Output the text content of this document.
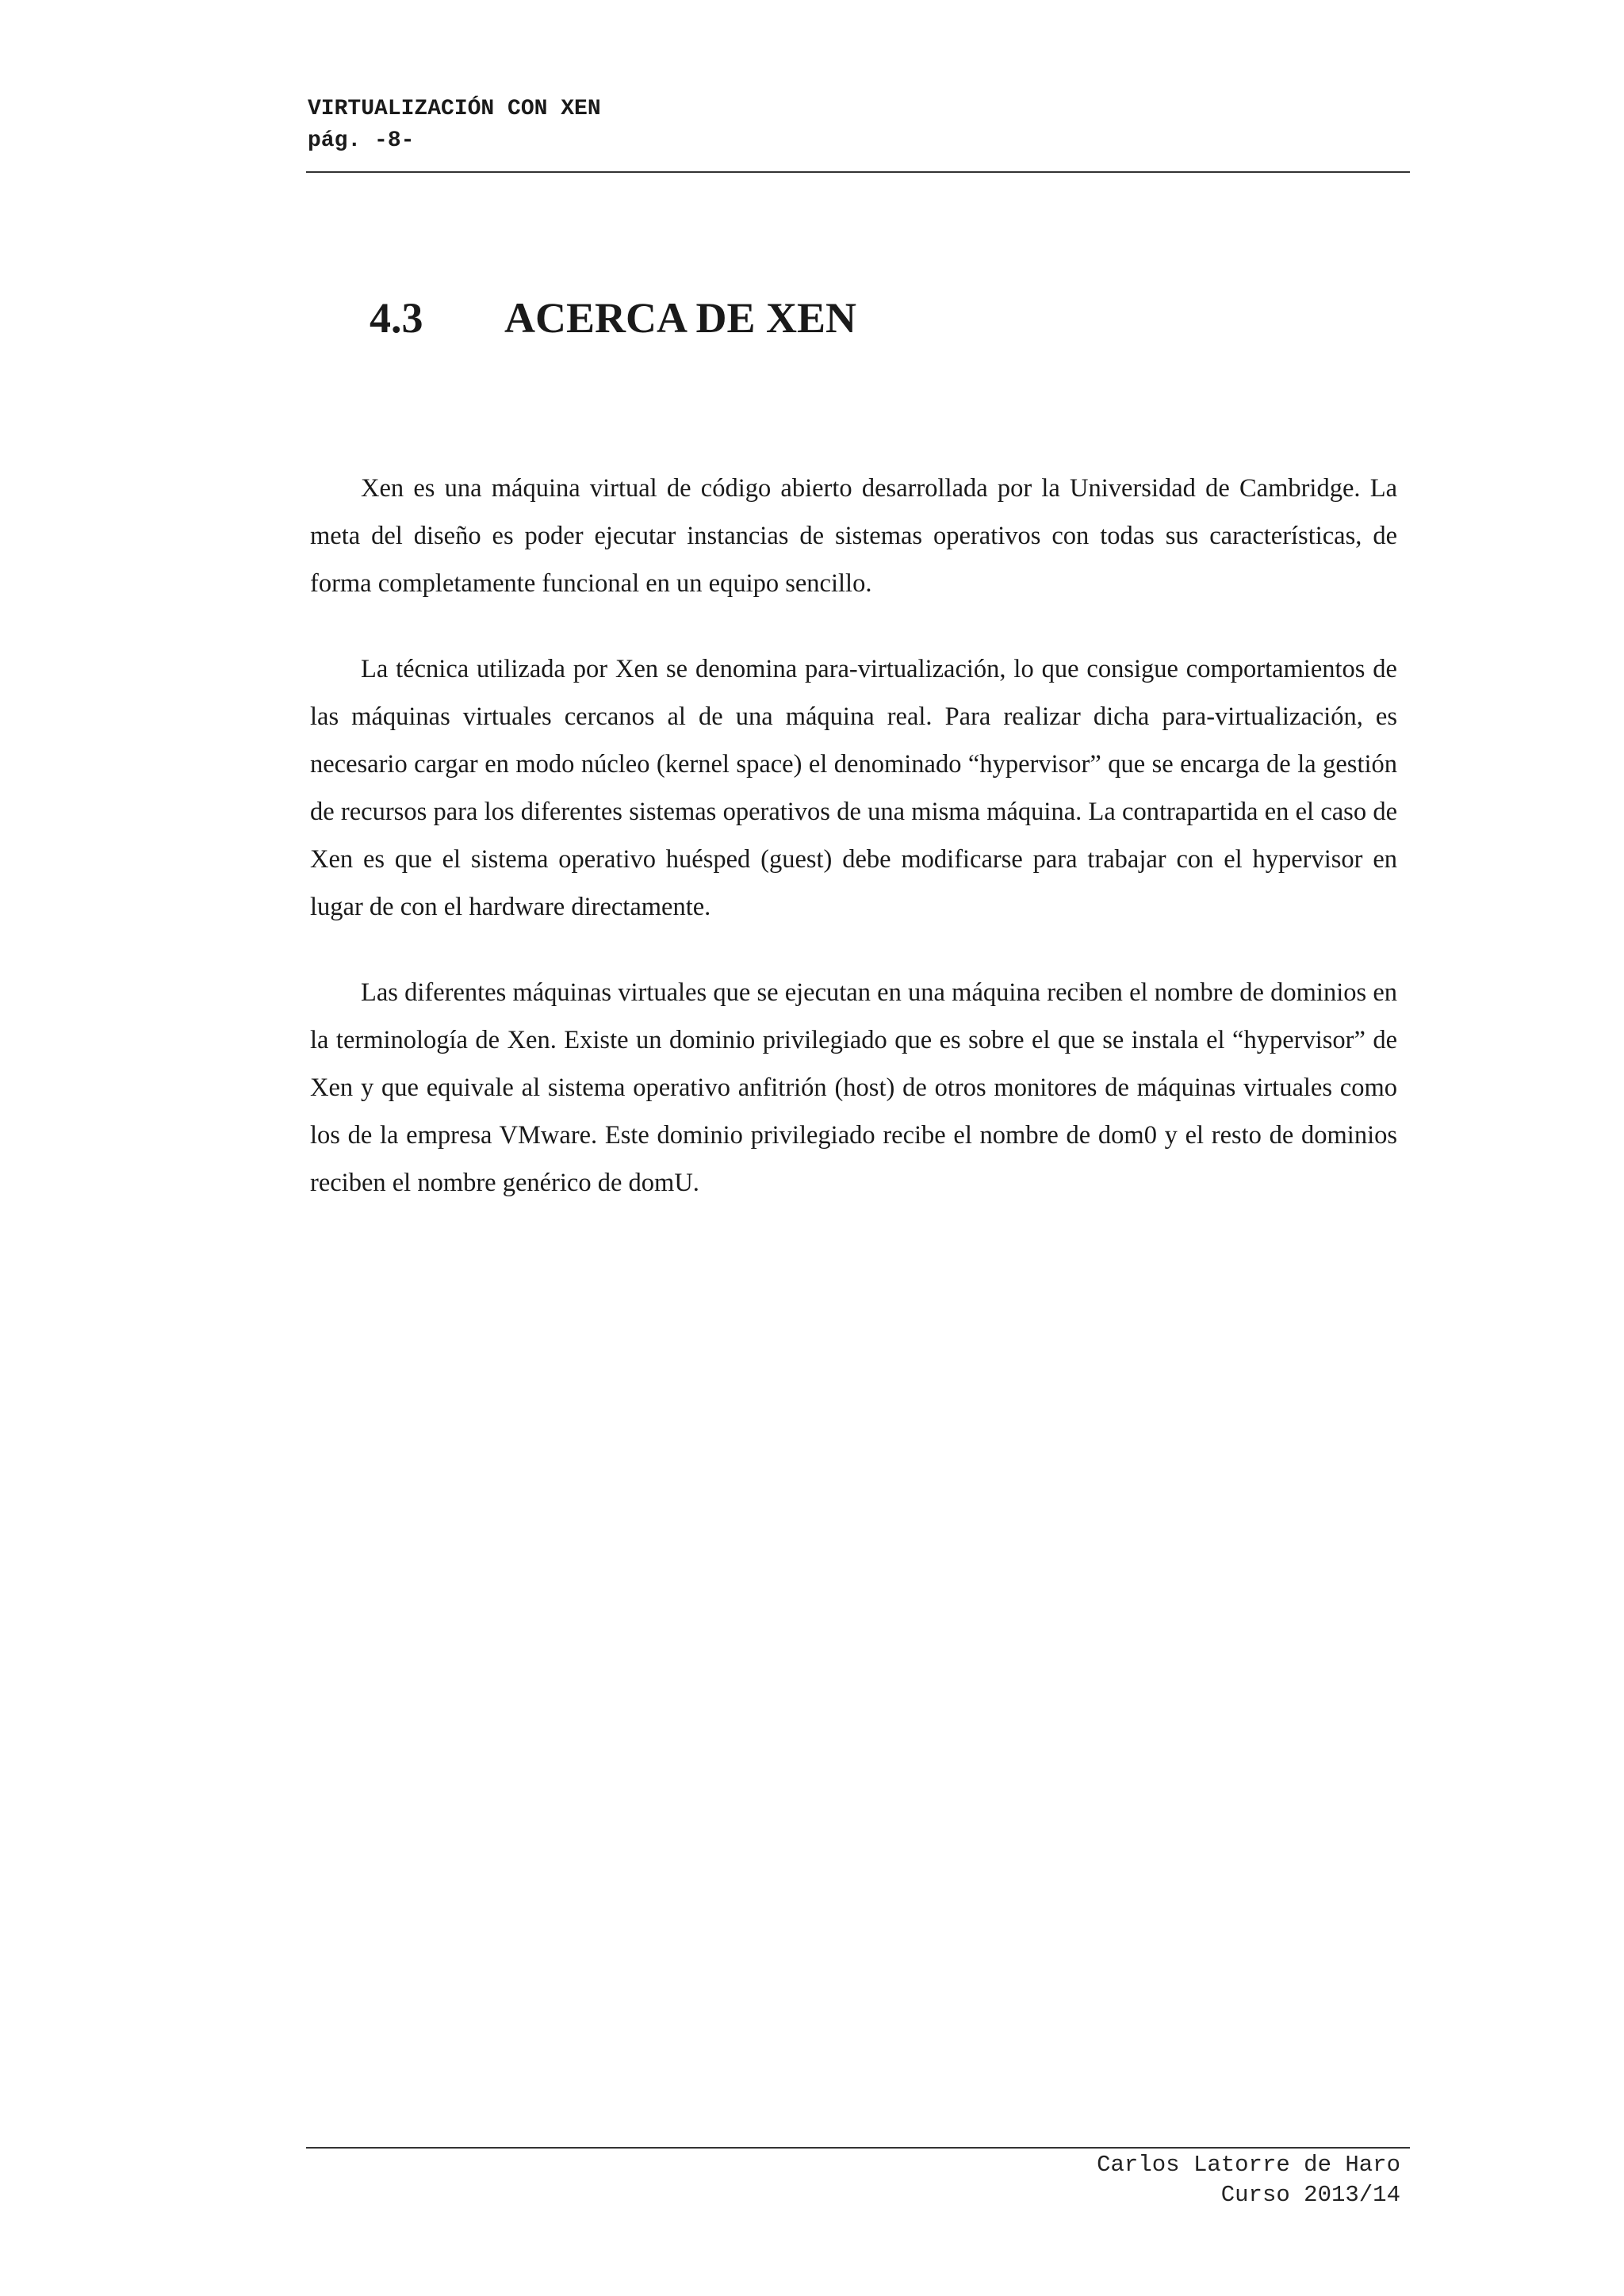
VIRTUALIZACIÓN CON XEN
pág. -8-
4.3 ACERCA DE XEN

Xen es una máquina virtual de código abierto desarrollada por la Universidad de Cambridge. La meta del diseño es poder ejecutar instancias de sistemas operativos con todas sus características, de forma completamente funcional en un equipo sencillo.

La técnica utilizada por Xen se denomina para-virtualización, lo que consigue comportamientos de las máquinas virtuales cercanos al de una máquina real. Para realizar dicha para-virtualización, es necesario cargar en modo núcleo (kernel space) el denominado “hypervisor” que se encarga de la gestión de recursos para los diferentes sistemas operativos de una misma máquina. La contrapartida en el caso de Xen es que el sistema operativo huésped (guest) debe modificarse para trabajar con el hypervisor en lugar de con el hardware directamente.

Las diferentes máquinas virtuales que se ejecutan en una máquina reciben el nombre de dominios en la terminología de Xen. Existe un dominio privilegiado que es sobre el que se instala el “hypervisor” de Xen y que equivale al sistema operativo anfitrión (host) de otros monitores de máquinas virtuales como los de la empresa VMware. Este dominio privilegiado recibe el nombre de dom0 y el resto de dominios reciben el nombre genérico de domU.

Carlos Latorre de Haro
Curso 2013/14
